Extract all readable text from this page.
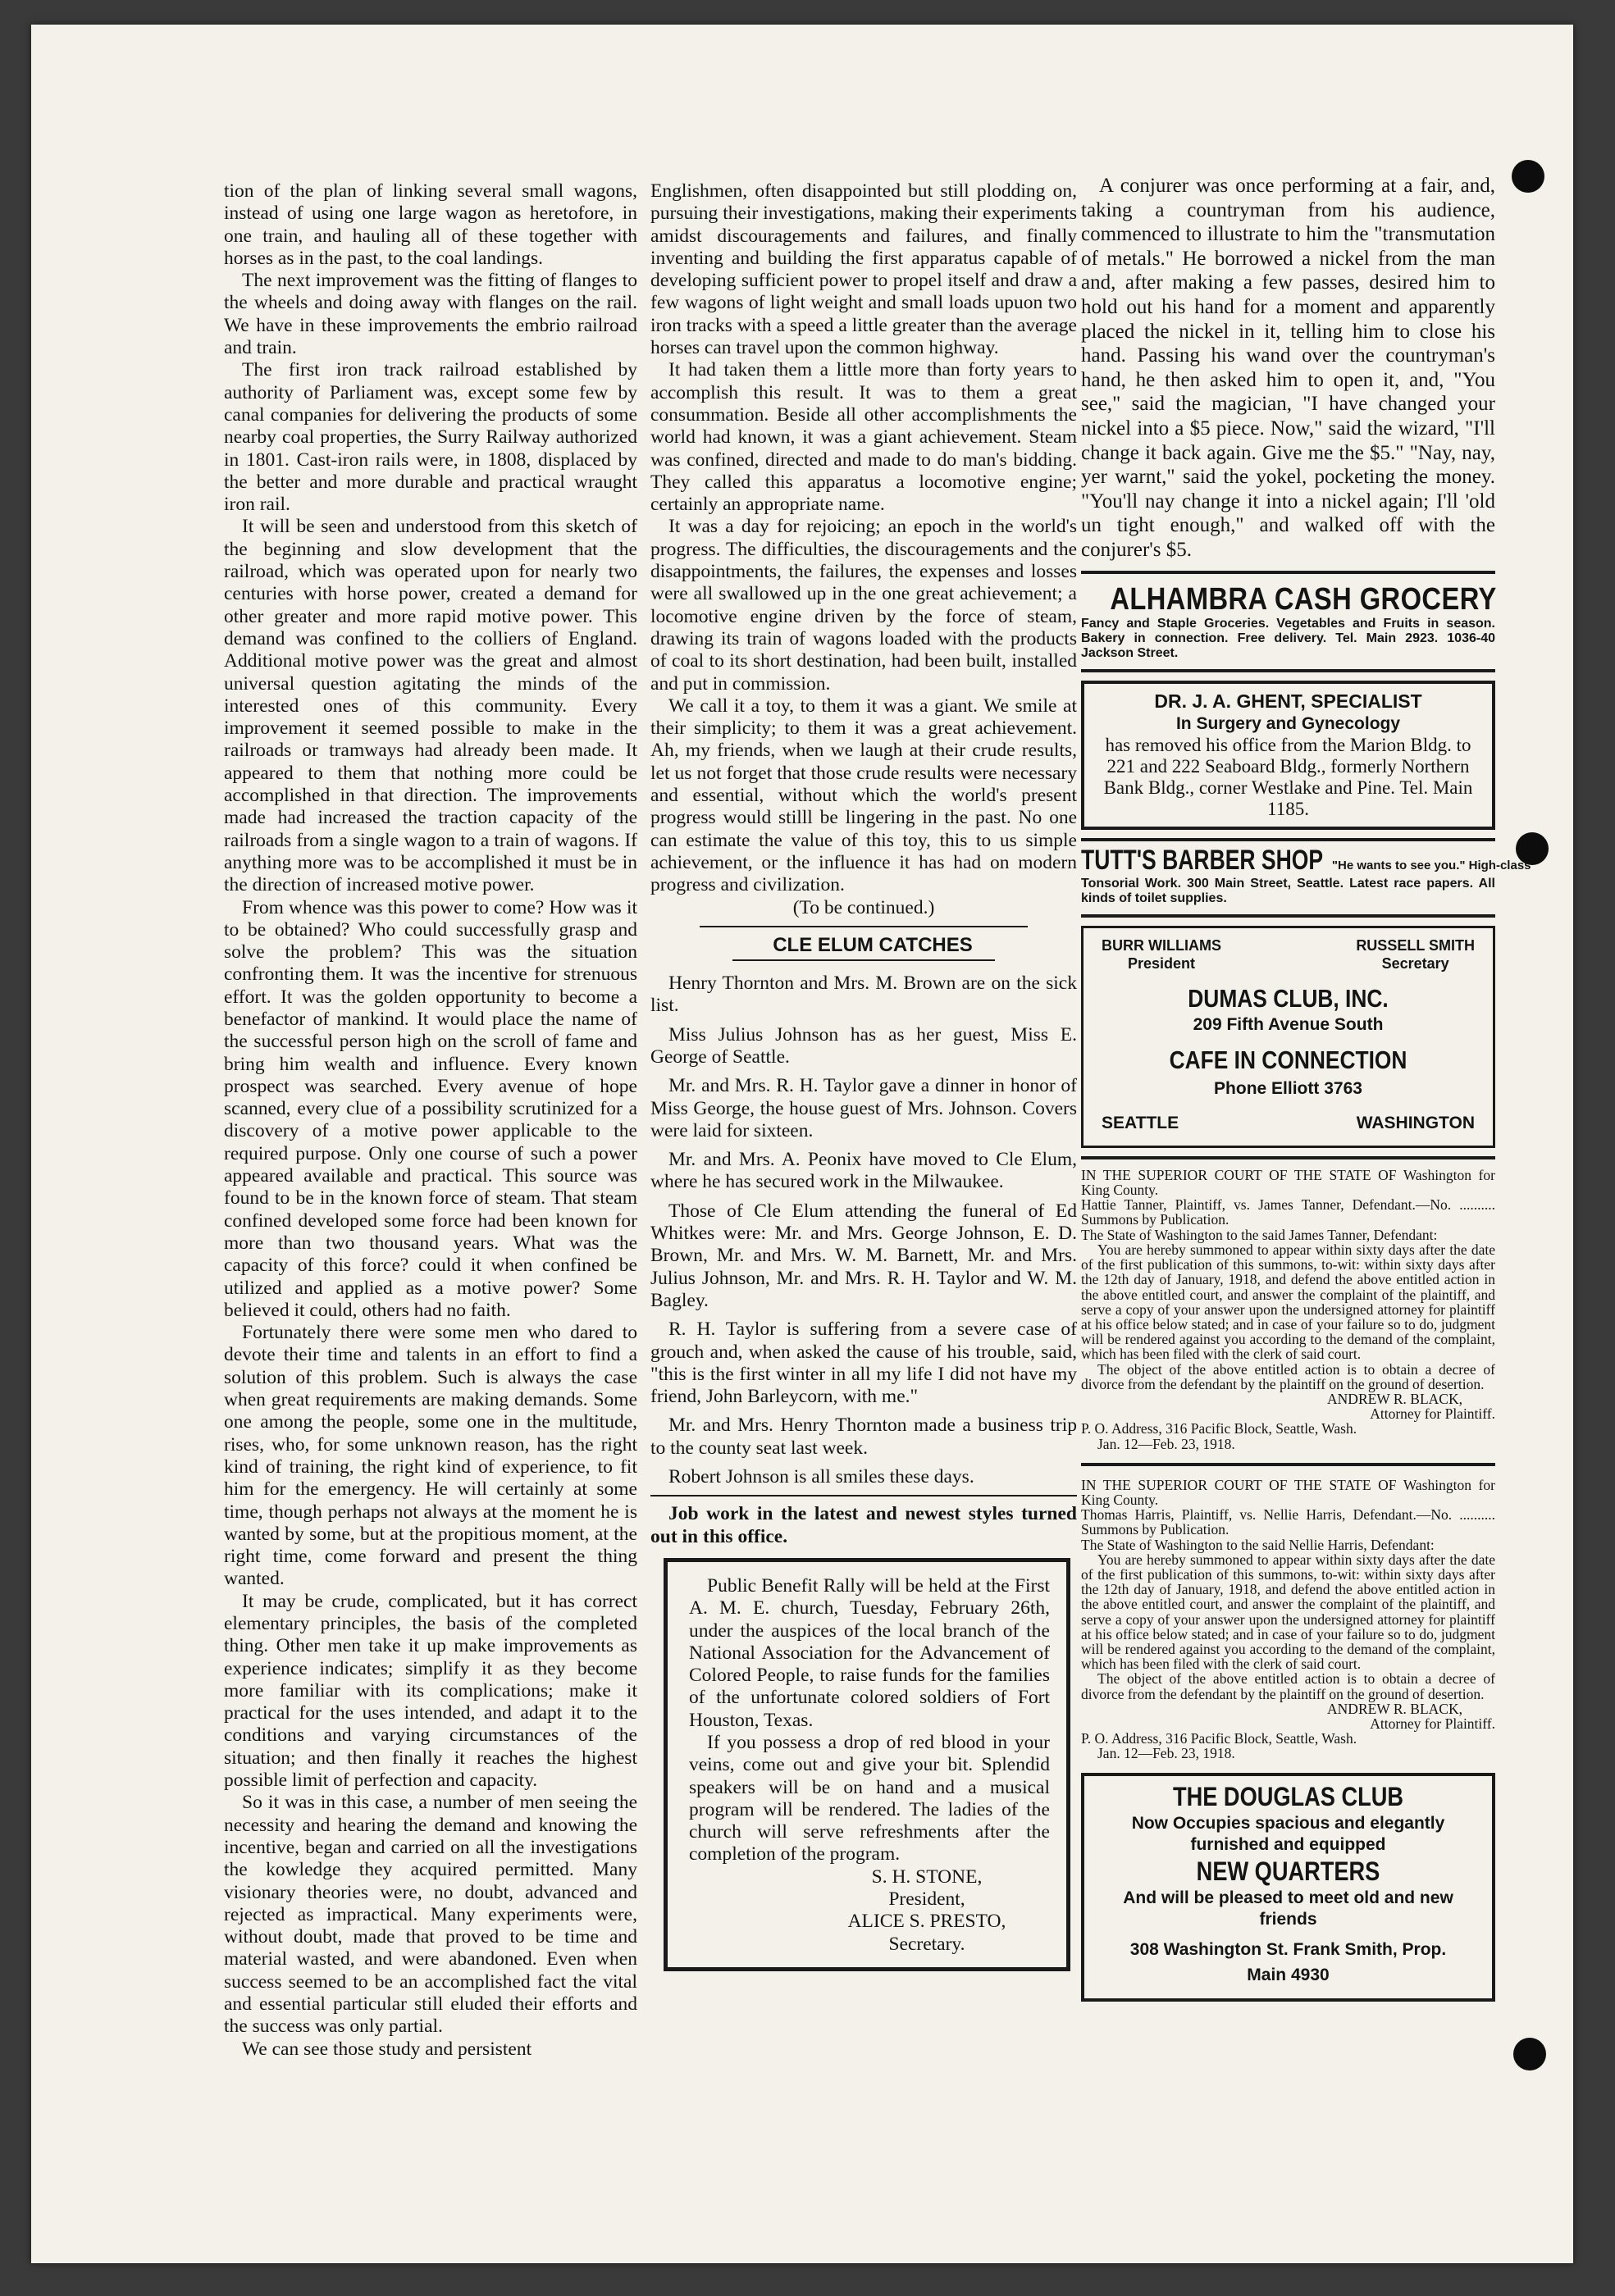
tion of the plan of linking several small wagons, instead of using one large wagon as heretofore, in one train, and hauling all of these together with horses as in the past, to the coal landings.

The next improvement was the fitting of flanges to the wheels and doing away with flanges on the rail. We have in these improvements the embrio railroad and train.

The first iron track railroad established by authority of Parliament was, except some few by canal companies for delivering the products of some nearby coal properties, the Surry Railway authorized in 1801. Cast-iron rails were, in 1808, displaced by the better and more durable and practical wraught iron rail.

It will be seen and understood from this sketch of the beginning and slow development that the railroad, which was operated upon for nearly two centuries with horse power, created a demand for other greater and more rapid motive power. This demand was confined to the colliers of England. Additional motive power was the great and almost universal question agitating the minds of the interested ones of this community. Every improvement it seemed possible to make in the railroads or tramways had already been made. It appeared to them that nothing more could be accomplished in that direction. The improvements made had increased the traction capacity of the railroads from a single wagon to a train of wagons. If anything more was to be accomplished it must be in the direction of increased motive power.

From whence was this power to come? How was it to be obtained? Who could successfully grasp and solve the problem? This was the situation confronting them. It was the incentive for strenuous effort. It was the golden opportunity to become a benefactor of mankind. It would place the name of the successful person high on the scroll of fame and bring him wealth and influence. Every known prospect was searched. Every avenue of hope scanned, every clue of a possibility scrutinized for a discovery of a motive power applicable to the required purpose. Only one course of such a power appeared available and practical. This source was found to be in the known force of steam. That steam confined developed some force had been known for more than two thousand years. What was the capacity of this force? could it when confined be utilized and applied as a motive power? Some believed it could, others had no faith.

Fortunately there were some men who dared to devote their time and talents in an effort to find a solution of this problem. Such is always the case when great requirements are making demands. Some one among the people, some one in the multitude, rises, who, for some unknown reason, has the right kind of training, the right kind of experience, to fit him for the emergency. He will certainly at some time, though perhaps not always at the moment he is wanted by some, but at the propitious moment, at the right time, come forward and present the thing wanted.

It may be crude, complicated, but it has correct elementary principles, the basis of the completed thing. Other men take it up make improvements as experience indicates; simplify it as they become more familiar with its complications; make it practical for the uses intended, and adapt it to the conditions and varying circumstances of the situation; and then finally it reaches the highest possible limit of perfection and capacity.

So it was in this case, a number of men seeing the necessity and hearing the demand and knowing the incentive, began and carried on all the investigations the kowledge they acquired permitted. Many visionary theories were, no doubt, advanced and rejected as impractical. Many experiments were, without doubt, made that proved to be time and material wasted, and were abandoned. Even when success seemed to be an accomplished fact the vital and essential particular still eluded their efforts and the success was only partial.

We can see those study and persistent

Englishmen, often disappointed but still plodding on, pursuing their investigations, making their experiments amidst discouragements and failures, and finally inventing and building the first apparatus capable of developing sufficient power to propel itself and draw a few wagons of light weight and small loads upuon two iron tracks with a speed a little greater than the average horses can travel upon the common highway.

It had taken them a little more than forty years to accomplish this result. It was to them a great consummation. Beside all other accomplishments the world had known, it was a giant achievement. Steam was confined, directed and made to do man's bidding. They called this apparatus a locomotive engine; certainly an appropriate name.

It was a day for rejoicing; an epoch in the world's progress. The difficulties, the discouragements and the disappointments, the failures, the expenses and losses were all swallowed up in the one great achievement; a locomotive engine driven by the force of steam, drawing its train of wagons loaded with the products of coal to its short destination, had been built, installed and put in commission.

We call it a toy, to them it was a giant. We smile at their simplicity; to them it was a great achievement. Ah, my friends, when we laugh at their crude results, let us not forget that those crude results were necessary and essential, without which the world's present progress would stilll be lingering in the past. No one can estimate the value of this toy, this to us simple achievement, or the influence it has had on modern progress and civilization.

(To be continued.)

CLE ELUM CATCHES

Henry Thornton and Mrs. M. Brown are on the sick list.

Miss Julius Johnson has as her guest, Miss E. George of Seattle.

Mr. and Mrs. R. H. Taylor gave a dinner in honor of Miss George, the house guest of Mrs. Johnson. Covers were laid for sixteen.

Mr. and Mrs. A. Peonix have moved to Cle Elum, where he has secured work in the Milwaukee.

Those of Cle Elum attending the funeral of Ed Whitkes were: Mr. and Mrs. George Johnson, E. D. Brown, Mr. and Mrs. W. M. Barnett, Mr. and Mrs. Julius Johnson, Mr. and Mrs. R. H. Taylor and W. M. Bagley.

R. H. Taylor is suffering from a severe case of grouch and, when asked the cause of his trouble, said, "this is the first winter in all my life I did not have my friend, John Barleycorn, with me."

Mr. and Mrs. Henry Thornton made a business trip to the county seat last week.

Robert Johnson is all smiles these days.

Job work in the latest and newest styles turned out in this office.

Public Benefit Rally will be held at the First A. M. E. church, Tuesday, February 26th, under the auspices of the local branch of the National Association for the Advancement of Colored People, to raise funds for the families of the unfortunate colored soldiers of Fort Houston, Texas.

If you possess a drop of red blood in your veins, come out and give your bit. Splendid speakers will be on hand and a musical program will be rendered. The ladies of the church will serve refreshments after the completion of the program.

S. H. STONE,

President,

ALICE S. PRESTO,

Secretary.

A conjurer was once performing at a fair, and, taking a countryman from his audience, commenced to illustrate to him the "transmutation of metals." He borrowed a nickel from the man and, after making a few passes, desired him to hold out his hand for a moment and apparently placed the nickel in it, telling him to close his hand. Passing his wand over the countryman's hand, he then asked him to open it, and, "You see," said the magician, "I have changed your nickel into a $5 piece. Now," said the wizard, "I'll change it back again. Give me the $5." "Nay, nay, yer warnt," said the yokel, pocketing the money. "You'll nay change it into a nickel again; I'll 'old un tight enough," and walked off with the conjurer's $5.

ALHAMBRA CASH GROCERY
Fancy and Staple Groceries. Vegetables and Fruits in season. Bakery in connection. Free delivery. Tel. Main 2923. 1036-40 Jackson Street.
DR. J. A. GHENT, SPECIALIST
In Surgery and Gynecology
has removed his office from the Marion Bldg. to 221 and 222 Seaboard Bldg., formerly Northern Bank Bldg., corner Westlake and Pine. Tel. Main 1185.
TUTT'S BARBER SHOP "He wants to see you." High-class
Tonsorial Work. 300 Main Street, Seattle. Latest race papers. All kinds of toilet supplies.
BURR WILLIAMS
President
RUSSELL SMITH
Secretary
DUMAS CLUB, INC.
209 Fifth Avenue South
CAFE IN CONNECTION
Phone Elliott 3763
SEATTLE	WASHINGTON

IN THE SUPERIOR COURT OF THE STATE OF Washington for King County.

Hattie Tanner, Plaintiff, vs. James Tanner, Defendant.—No. .......... Summons by Publication.

The State of Washington to the said James Tanner, Defendant:

You are hereby summoned to appear within sixty days after the date of the first publication of this summons, to-wit: within sixty days after the 12th day of January, 1918, and defend the above entitled action in the above entitled court, and answer the complaint of the plaintiff, and serve a copy of your answer upon the undersigned attorney for plaintiff at his office below stated; and in case of your failure so to do, judgment will be rendered against you according to the demand of the complaint, which has been filed with the clerk of said court.

The object of the above entitled action is to obtain a decree of divorce from the defendant by the plaintiff on the ground of desertion.

ANDREW R. BLACK,

Attorney for Plaintiff.

P. O. Address, 316 Pacific Block, Seattle, Wash.

Jan. 12—Feb. 23, 1918.

IN THE SUPERIOR COURT OF THE STATE OF Washington for King County.

Thomas Harris, Plaintiff, vs. Nellie Harris, Defendant.—No. .......... Summons by Publication.

The State of Washington to the said Nellie Harris, Defendant:

You are hereby summoned to appear within sixty days after the date of the first publication of this summons, to-wit: within sixty days after the 12th day of January, 1918, and defend the above entitled action in the above entitled court, and answer the complaint of the plaintiff, and serve a copy of your answer upon the undersigned attorney for plaintiff at his office below stated; and in case of your failure so to do, judgment will be rendered against you according to the demand of the complaint, which has been filed with the clerk of said court.

The object of the above entitled action is to obtain a decree of divorce from the defendant by the plaintiff on the ground of desertion.

ANDREW R. BLACK,

Attorney for Plaintiff.

P. O. Address, 316 Pacific Block, Seattle, Wash.

Jan. 12—Feb. 23, 1918.

THE DOUGLAS CLUB
Now Occupies spacious and elegantly furnished and equipped
NEW QUARTERS
And will be pleased to meet old and new friends
308 Washington St. Frank Smith, Prop.
Main 4930
